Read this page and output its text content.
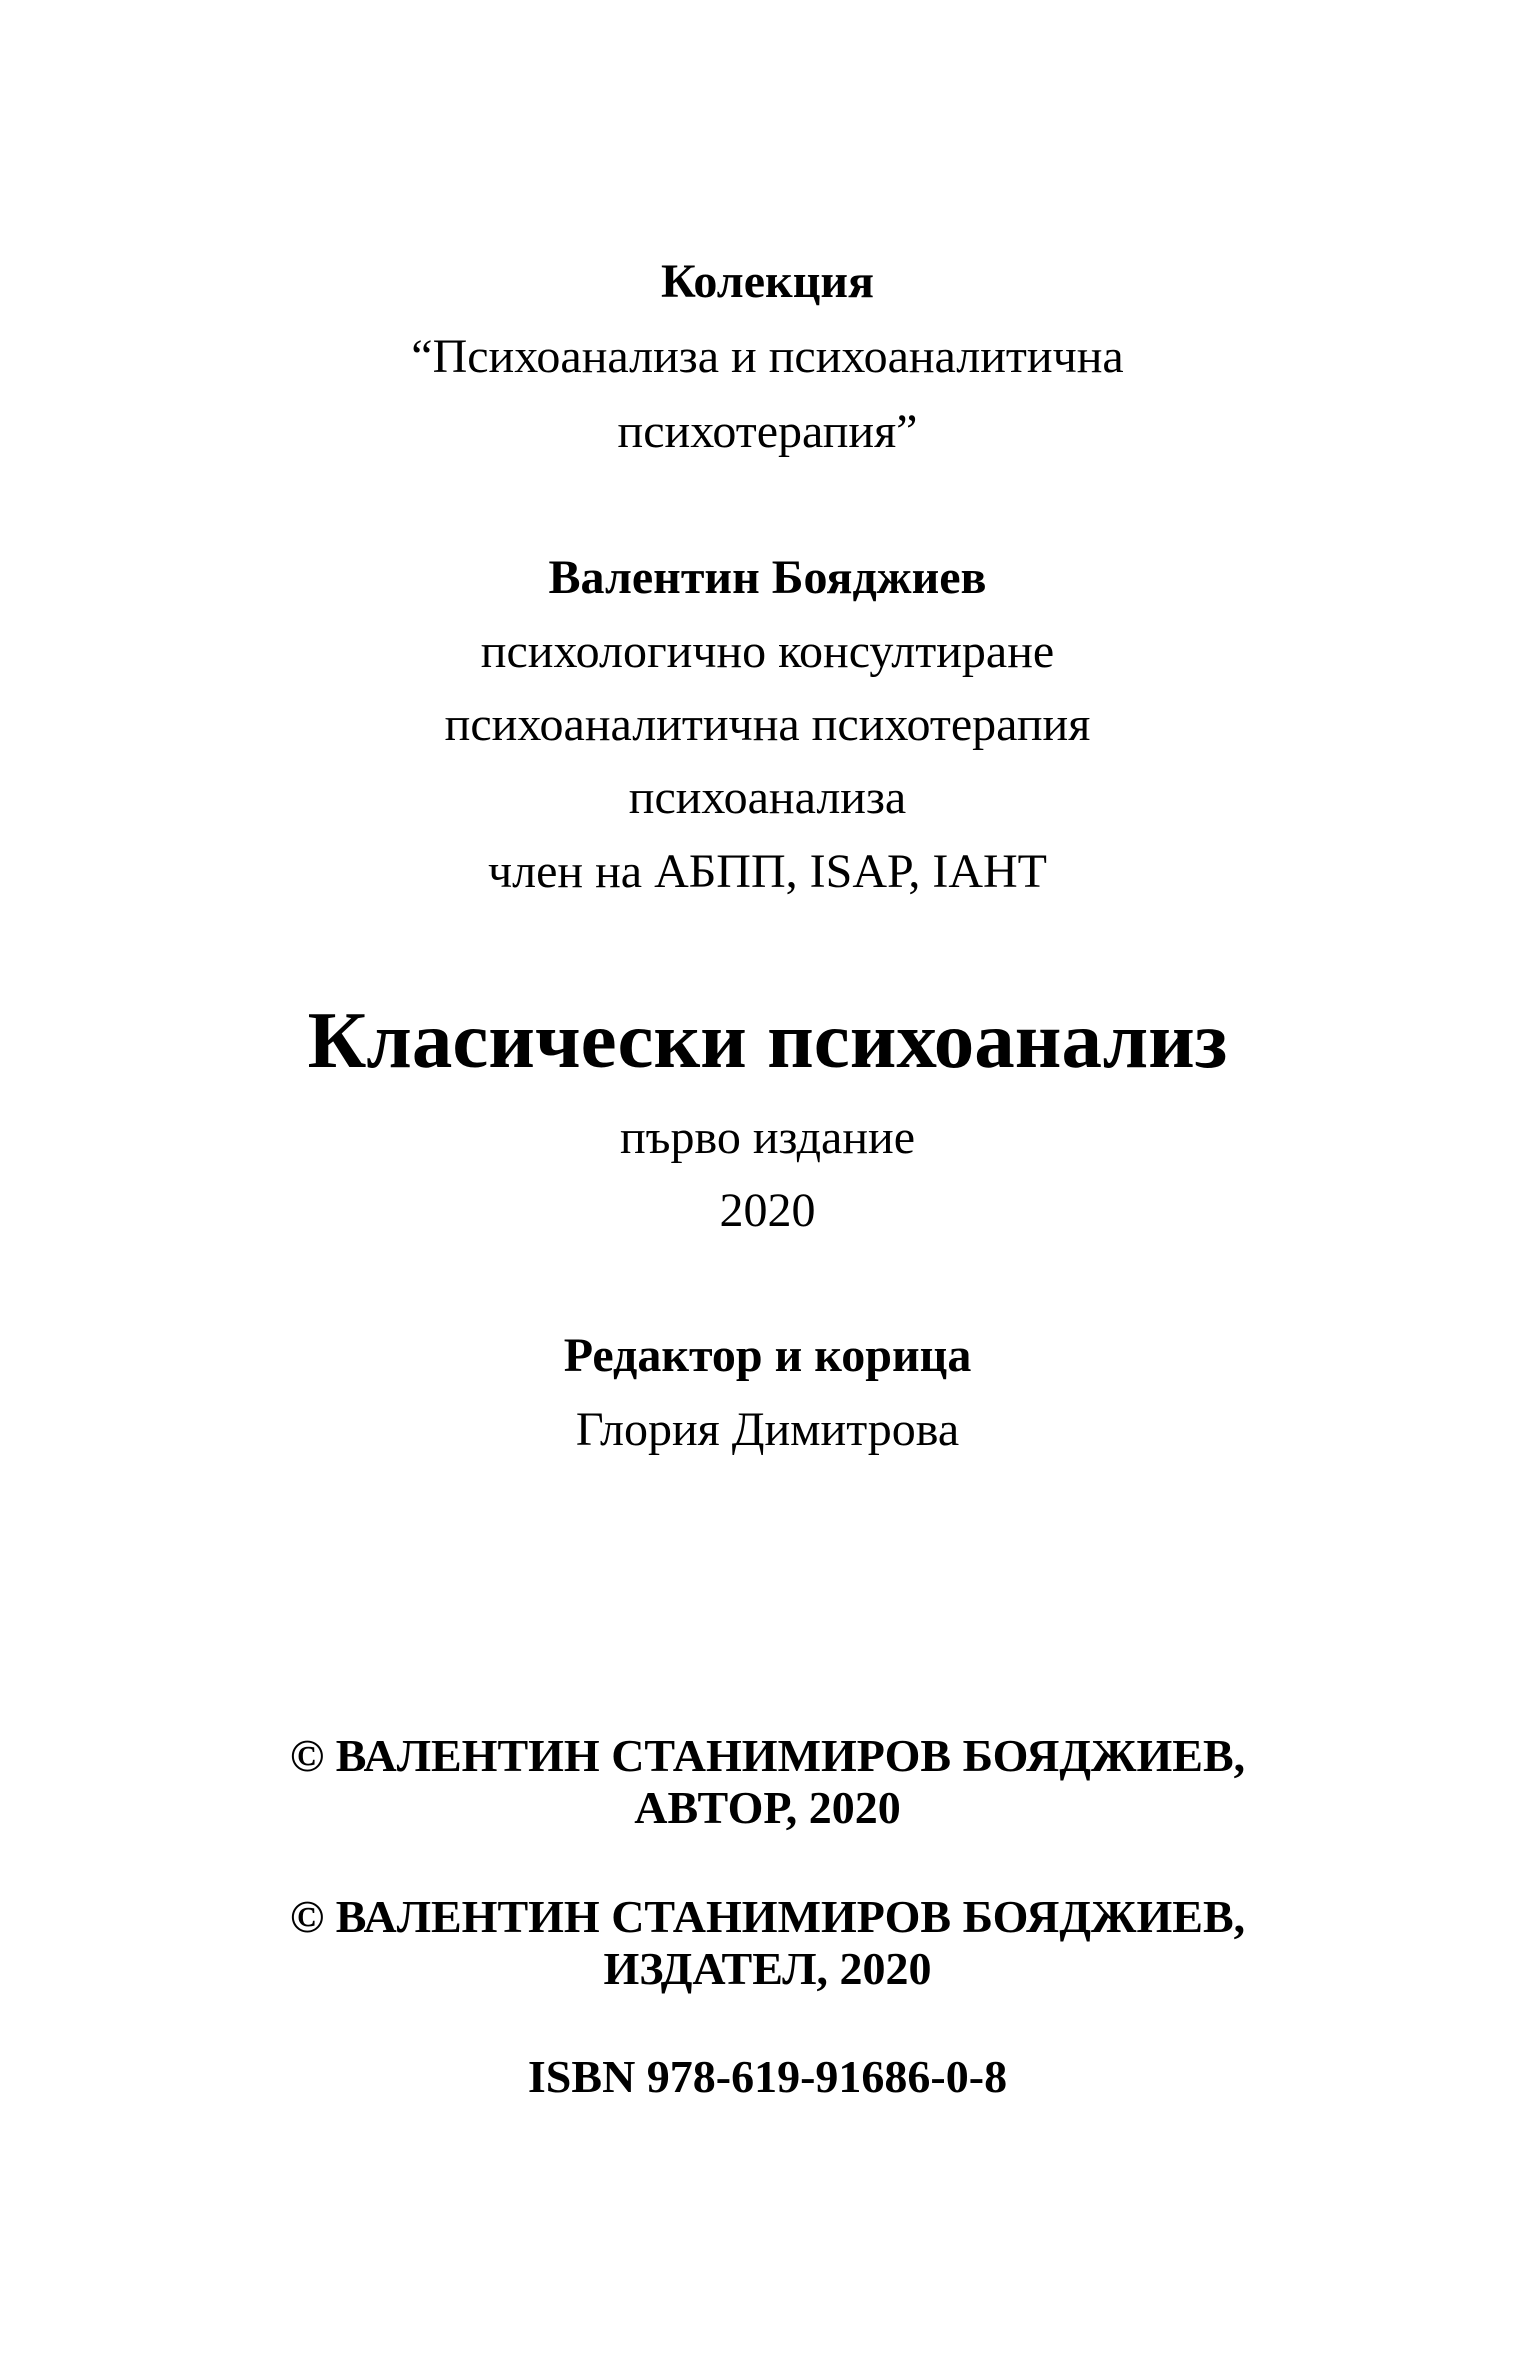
Колекция
“Психоанализа и психоаналитична
психотерапия”
Валентин Бояджиев
психологично консултиране
психоаналитична психотерапия
психоанализа
член на АБПП, ISAP, IAHT
Класически психоанализ
първо издание
2020
Редактор и корица
Глория Димитрова
© ВАЛЕНТИН СТАНИМИРОВ БОЯДЖИЕВ,
АВТОР, 2020
© ВАЛЕНТИН СТАНИМИРОВ БОЯДЖИЕВ,
ИЗДАТЕЛ, 2020
ISBN 978-619-91686-0-8
